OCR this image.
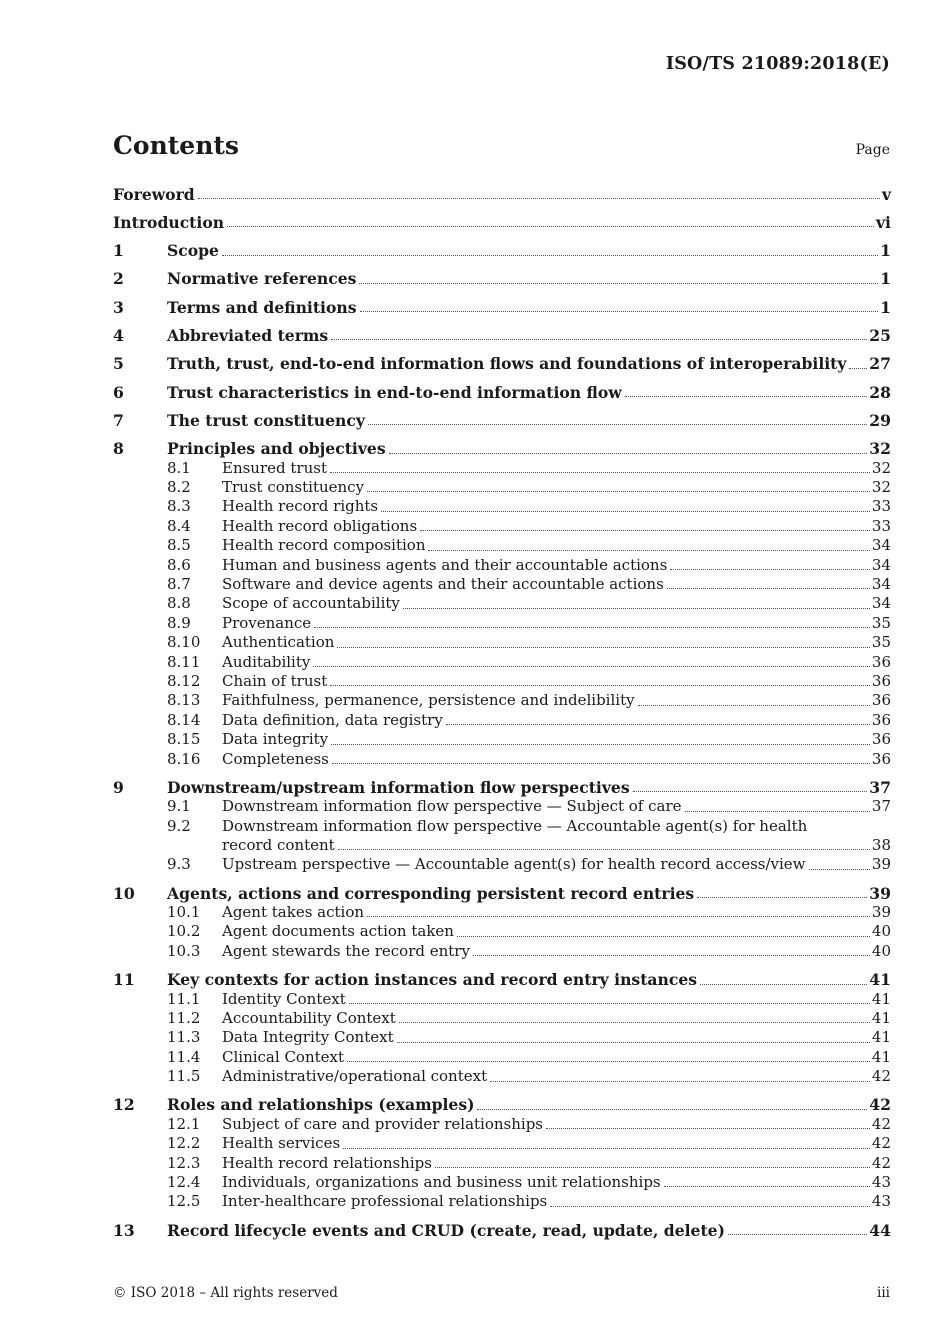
ISO/TS 21089:2018(E)
Contents	Page
Foreword	v
Introduction	vi
1	Scope	1
2	Normative references	1
3	Terms and definitions	1
4	Abbreviated terms	25
5	Truth, trust, end-to-end information flows and foundations of interoperability 27
6	Trust characteristics in end-to-end information flow	28
7	The trust constituency	29
8	Principles and objectives	32
8.1	Ensured trust	32
8.2	Trust constituency	32
8.3	Health record rights	33
8.4	Health record obligations	33
8.5	Health record composition	34
8.6	Human and business agents and their accountable actions	34
8.7	Software and device agents and their accountable actions	34
8.8	Scope of accountability	34
8.9	Provenance	35
8.10	Authentication	35
8.11	Auditability	36
8.12	Chain of trust	36
8.13	Faithfulness, permanence, persistence and indelibility	36
8.14	Data definition, data registry	36
8.15	Data integrity	36
8.16	Completeness	36
9	Downstream/upstream information flow perspectives	37
9.1	Downstream information flow perspective — Subject of care	37
9.2	Downstream information flow perspective — Accountable agent(s) for health
record content	38
9.3	Upstream perspective — Accountable agent(s) for health record access/view	39
10	Agents, actions and corresponding persistent record entries	39
10.1	Agent takes action	39
10.2	Agent documents action taken	40
10.3	Agent stewards the record entry	40
11	Key contexts for action instances and record entry instances	41
11.1	Identity Context	41
11.2	Accountability Context	41
11.3	Data Integrity Context	41
11.4	Clinical Context	41
11.5	Administrative/operational context	42
12	Roles and relationships (examples)	42
12.1	Subject of care and provider relationships	42
12.2	Health services	42
12.3	Health record relationships	42
12.4	Individuals, organizations and business unit relationships	43
12.5	Inter-healthcare professional relationships	43
13	Record lifecycle events and CRUD (create, read, update, delete)	44
© ISO 2018 – All rights reserved	iii
